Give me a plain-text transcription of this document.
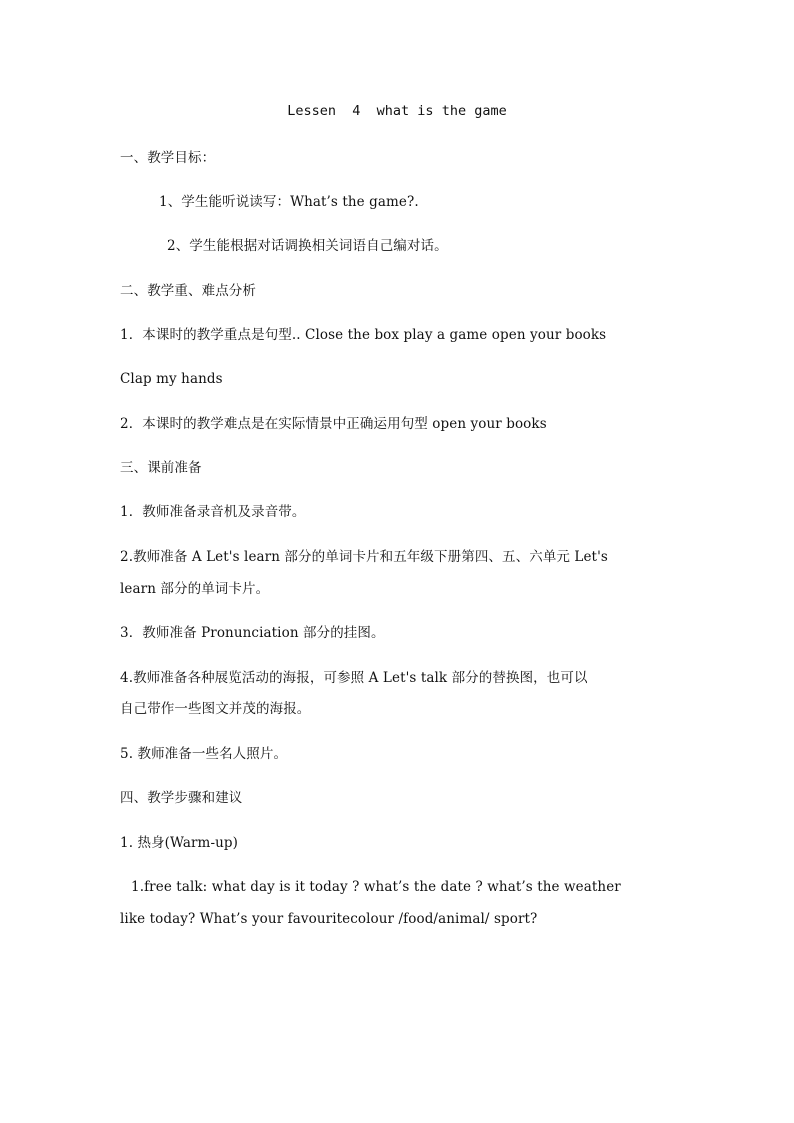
Lessen  4  what is the game
一、教学目标：
1、学生能听说读写：What’s the game?.
2、学生能根据对话调换相关词语自己编对话。
二、教学重、难点分析
1．本课时的教学重点是句型.. Close the box play a game open your books
Clap my hands
2．本课时的教学难点是在实际情景中正确运用句型 open your books
三、课前准备
1．教师准备录音机及录音带。
2.教师准备 A Let's learn 部分的单词卡片和五年级下册第四、五、六单元 Let's
learn 部分的单词卡片。
3．教师准备 Pronunciation 部分的挂图。
4.教师准备各种展览活动的海报，可参照 A Let's talk 部分的替换图，也可以
自己带作一些图文并茂的海报。
5. 教师准备一些名人照片。
四、教学步骤和建议
1. 热身(Warm-up)
1.free talk: what day is it today ? what’s the date ? what’s the weather
like today? What’s your favouritecolour /food/animal/ sport?
